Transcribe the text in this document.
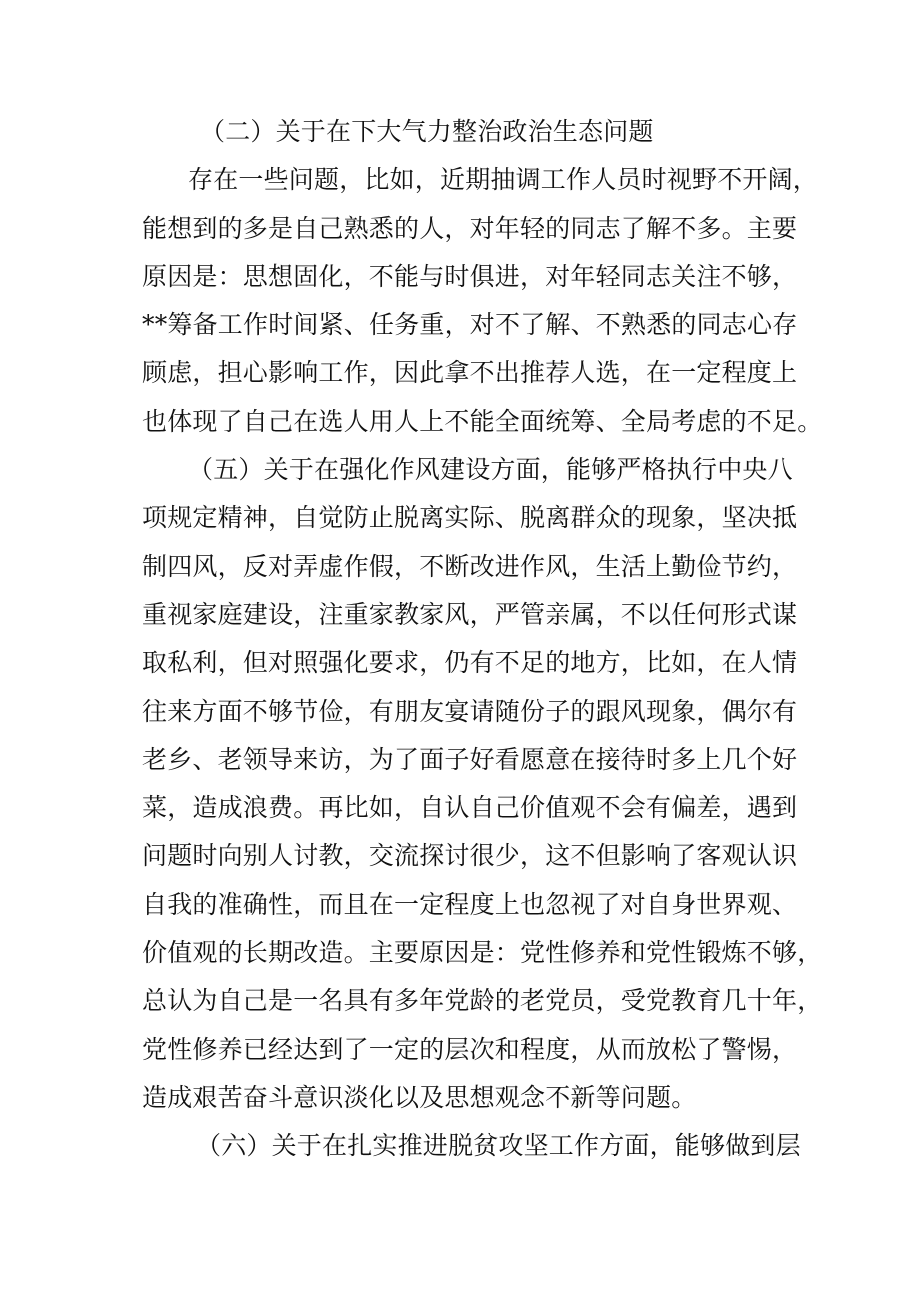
（二）关于在下大气力整治政治生态问题

存在一些问题，比如，近期抽调工作人员时视野不开阔，
能想到的多是自己熟悉的人，对年轻的同志了解不多。主要
原因是：思想固化，不能与时俱进，对年轻同志关注不够，
**筹备工作时间紧、任务重，对不了解、不熟悉的同志心存
顾虑，担心影响工作，因此拿不出推荐人选，在一定程度上
也体现了自己在选人用人上不能全面统筹、全局考虑的不足。

（五）关于在强化作风建设方面，能够严格执行中央八
项规定精神，自觉防止脱离实际、脱离群众的现象，坚决抵
制四风，反对弄虚作假，不断改进作风，生活上勤俭节约，
重视家庭建设，注重家教家风，严管亲属，不以任何形式谋
取私利，但对照强化要求，仍有不足的地方，比如，在人情
往来方面不够节俭，有朋友宴请随份子的跟风现象，偶尔有
老乡、老领导来访，为了面子好看愿意在接待时多上几个好
菜，造成浪费。再比如，自认自己价值观不会有偏差，遇到
问题时向别人讨教，交流探讨很少，这不但影响了客观认识
自我的准确性，而且在一定程度上也忽视了对自身世界观、
价值观的长期改造。主要原因是：党性修养和党性锻炼不够，
总认为自己是一名具有多年党龄的老党员，受党教育几十年，
党性修养已经达到了一定的层次和程度，从而放松了警惕，
造成艰苦奋斗意识淡化以及思想观念不新等问题。

（六）关于在扎实推进脱贫攻坚工作方面，能够做到层
